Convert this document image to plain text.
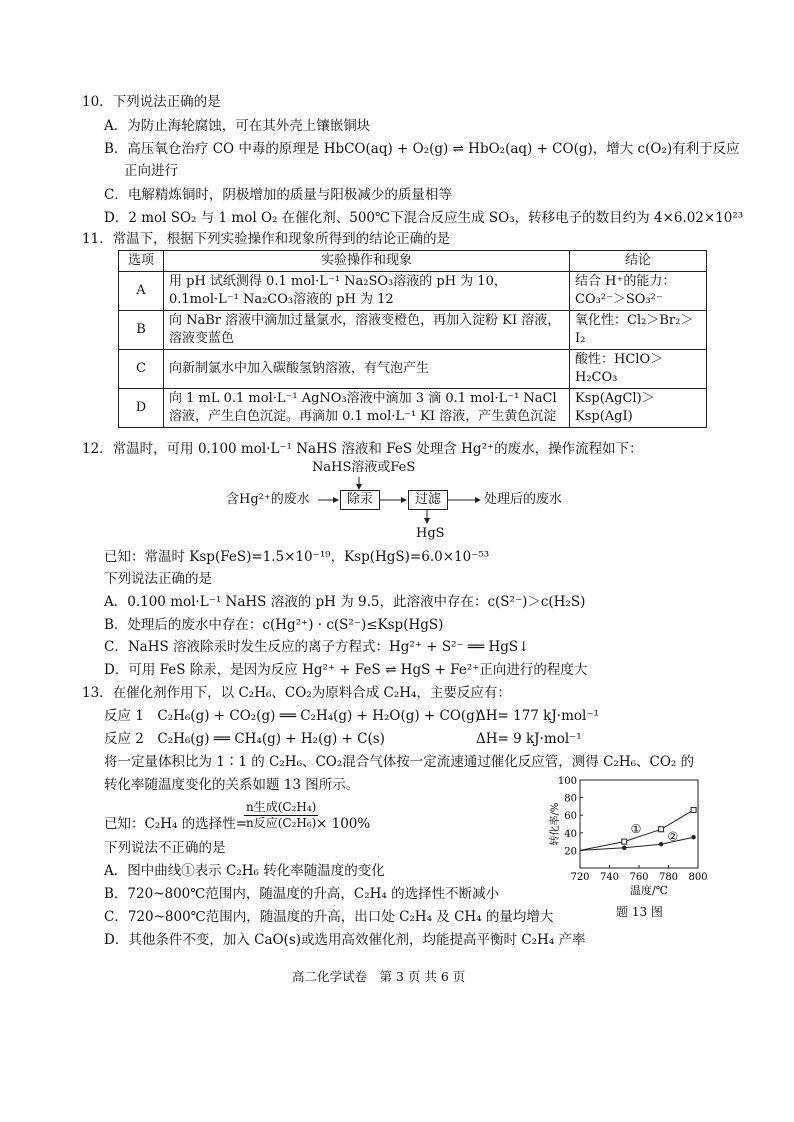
10．下列说法正确的是
A．为防止海轮腐蚀，可在其外壳上镶嵌铜块
B．高压氧仓治疗 CO 中毒的原理是 HbCO(aq) + O₂(g) ⇌ HbO₂(aq) + CO(g)，增大 c(O₂)有利于反应
正向进行
C．电解精炼铜时，阴极增加的质量与阳极减少的质量相等
D．2 mol SO₂ 与 1 mol O₂ 在催化剂、500℃下混合反应生成 SO₃，转移电子的数目约为 4×6.02×10²³
11．常温下，根据下列实验操作和现象所得到的结论正确的是
选项	实验操作和现象	结论
A	用 pH 试纸测得 0.1 mol·L⁻¹ Na₂SO₃溶液的 pH 为 10，0.1mol·L⁻¹ Na₂CO₃溶液的 pH 为 12	结合 H⁺的能力：CO₃²⁻＞SO₃²⁻
B	向 NaBr 溶液中滴加过量氯水，溶液变橙色，再加入淀粉 KI 溶液，溶液变蓝色	氧化性：Cl₂＞Br₂＞I₂
C	向新制氯水中加入碳酸氢钠溶液，有气泡产生	酸性：HClO＞H₂CO₃
D	向 1 mL 0.1 mol·L⁻¹ AgNO₃溶液中滴加 3 滴 0.1 mol·L⁻¹ NaCl 溶液，产生白色沉淀。再滴加 0.1 mol·L⁻¹ KI 溶液，产生黄色沉淀	Ksp(AgCl)＞Ksp(AgI)
12．常温时，可用 0.100 mol·L⁻¹ NaHS 溶液和 FeS 处理含 Hg²⁺的废水，操作流程如下：
NaHS溶液或FeS
含Hg²⁺的废水	除汞	过滤	处理后的废水
HgS
已知：常温时 Ksp(FeS)=1.5×10⁻¹⁹，Ksp(HgS)=6.0×10⁻⁵³
下列说法正确的是
A．0.100 mol·L⁻¹ NaHS 溶液的 pH 为 9.5，此溶液中存在：c(S²⁻)＞c(H₂S)
B．处理后的废水中存在：c(Hg²⁺) · c(S²⁻)≤Ksp(HgS)
C．NaHS 溶液除汞时发生反应的离子方程式：Hg²⁺ + S²⁻ ══ HgS↓
D．可用 FeS 除汞，是因为反应 Hg²⁺ + FeS ⇌ HgS + Fe²⁺正向进行的程度大
13．在催化剂作用下，以 C₂H₆、CO₂为原料合成 C₂H₄，主要反应有：
反应 1　C₂H₆(g) + CO₂(g) ══ C₂H₄(g) + H₂O(g) + CO(g)
ΔH= 177 kJ·mol⁻¹
反应 2　C₂H₆(g) ══ CH₄(g) + H₂(g) + C(s)	ΔH= 9 kJ·mol⁻¹
将一定量体积比为 1∶1 的 C₂H₆、CO₂混合气体按一定流速通过催化反应管，测得 C₂H₆、CO₂ 的
转化率随温度变化的关系如题 13 图所示。
已知：C₂H₄ 的选择性=
n生成(C₂H₄)
n反应(C₂H₆) × 100%
下列说法不正确的是
A．图中曲线①表示 C₂H₆ 转化率随温度的变化
B．720~800℃范围内，随温度的升高，C₂H₄ 的选择性不断减小
C．720~800℃范围内，随温度的升高，出口处 C₂H₄ 及 CH₄ 的量均增大
D．其他条件不变，加入 CaO(s)或选用高效催化剂，均能提高平衡时 C₂H₄ 产率
20
40
60
80
100
720 740 760 780 800
温度/℃
转化率/%	①
②
题 13 图
高二化学试卷　第 3 页 共 6 页
